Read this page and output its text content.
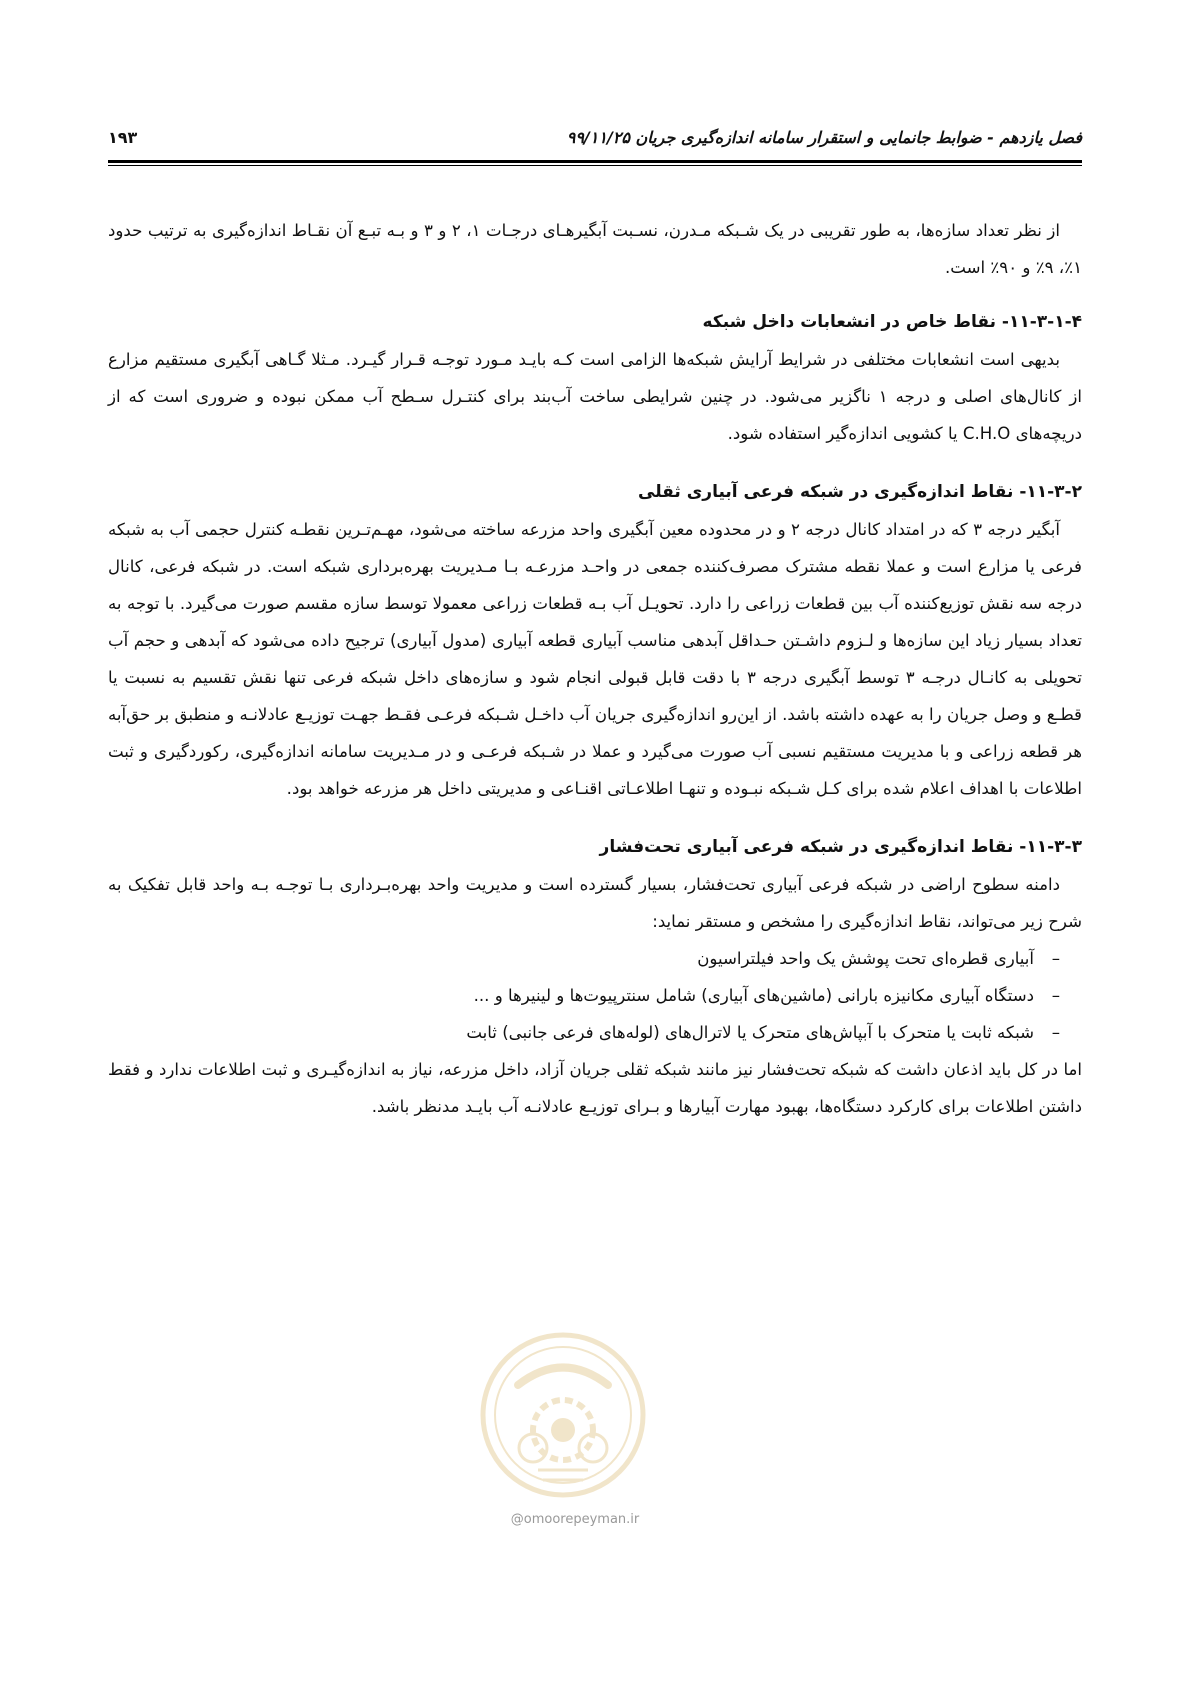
فصل یازدهم - ضوابط جانمایی و استقرار سامانه اندازه‌گیری جریان ۹۹/۱۱/۲۵
۱۹۳

از نظر تعداد سازه‌ها، به طور تقریبی در یک شـبکه مـدرن، نسـبت آبگیرهـای درجـات ۱، ۲ و ۳ و بـه تبـع آن نقـاط اندازه‌گیری به ترتیب حدود ۱٪، ۹٪ و ۹۰٪ است.

۱۱-۳-۱-۴- نقاط خاص در انشعابات داخل شبکه

بدیهی است انشعابات مختلفی در شرایط آرایش شبکه‌ها الزامی است کـه بایـد مـورد توجـه قـرار گیـرد. مـثلا گـاهی آبگیری مستقیم مزارع از کانال‌های اصلی و درجه ۱ ناگزیر می‌شود. در چنین شرایطی ساخت آب‌بند برای کنتـرل سـطح آب ممکن نبوده و ضروری است که از دریچه‌های C.H.O یا کشویی اندازه‌گیر استفاده شود.

۱۱-۳-۲- نقاط اندازه‌گیری در شبکه فرعی آبیاری ثقلی

آبگیر درجه ۳ که در امتداد کانال درجه ۲ و در محدوده معین آبگیری واحد مزرعه ساخته می‌شود، مهـم‌تـرین نقطـه کنترل حجمی آب به شبکه فرعی یا مزارع است و عملا نقطه مشترک مصرف‌کننده جمعی در واحـد مزرعـه بـا مـدیریت بهره‌برداری شبکه است. در شبکه فرعی، کانال درجه سه نقش توزیع‌کننده آب بین قطعات زراعی را دارد. تحویـل آب بـه قطعات زراعی معمولا توسط سازه مقسم صورت می‌گیرد. با توجه به تعداد بسیار زیاد این سازه‌ها و لـزوم داشـتن حـداقل آبدهی مناسب آبیاری قطعه آبیاری (مدول آبیاری) ترجیح داده می‌شود که آبدهی و حجم آب تحویلی به کانـال درجـه ۳ توسط آبگیری درجه ۳ با دقت قابل قبولی انجام شود و سازه‌های داخل شبکه فرعی تنها نقش تقسیم به نسبت یا قطـع و وصل جریان را به عهده داشته باشد. از این‌رو اندازه‌گیری جریان آب داخـل شـبکه فرعـی فقـط جهـت توزیـع عادلانـه و منطبق بر حق‌آبه هر قطعه زراعی و با مدیریت مستقیم نسبی آب صورت می‌گیرد و عملا در شـبکه فرعـی و در مـدیریت سامانه اندازه‌گیری، رکوردگیری و ثبت اطلاعات با اهداف اعلام شده برای کـل شـبکه نبـوده و تنهـا اطلاعـاتی اقنـاعی و مدیریتی داخل هر مزرعه خواهد بود.

۱۱-۳-۳- نقاط اندازه‌گیری در شبکه فرعی آبیاری تحت‌فشار

دامنه سطوح اراضی در شبکه فرعی آبیاری تحت‌فشار، بسیار گسترده است و مدیریت واحد بهره‌بـرداری بـا توجـه بـه واحد قابل تفکیک به شرح زیر می‌تواند، نقاط اندازه‌گیری را مشخص و مستقر نماید:

– آبیاری قطره‌ای تحت پوشش یک واحد فیلتراسیون
– دستگاه آبیاری مکانیزه بارانی (ماشین‌های آبیاری) شامل سنترپیوت‌ها و لینیرها و ...
– شبکه ثابت یا متحرک با آبپاش‌های متحرک یا لاترال‌های (لوله‌های فرعی جانبی) ثابت

اما در کل باید اذعان داشت که شبکه تحت‌فشار نیز مانند شبکه ثقلی جریان آزاد، داخل مزرعه، نیاز به اندازه‌گیـری و ثبت اطلاعات ندارد و فقط داشتن اطلاعات برای کارکرد دستگاه‌ها، بهبود مهارت آبیارها و بـرای توزیـع عادلانـه آب بایـد مدنظر باشد.

@omoorepeyman.ir
